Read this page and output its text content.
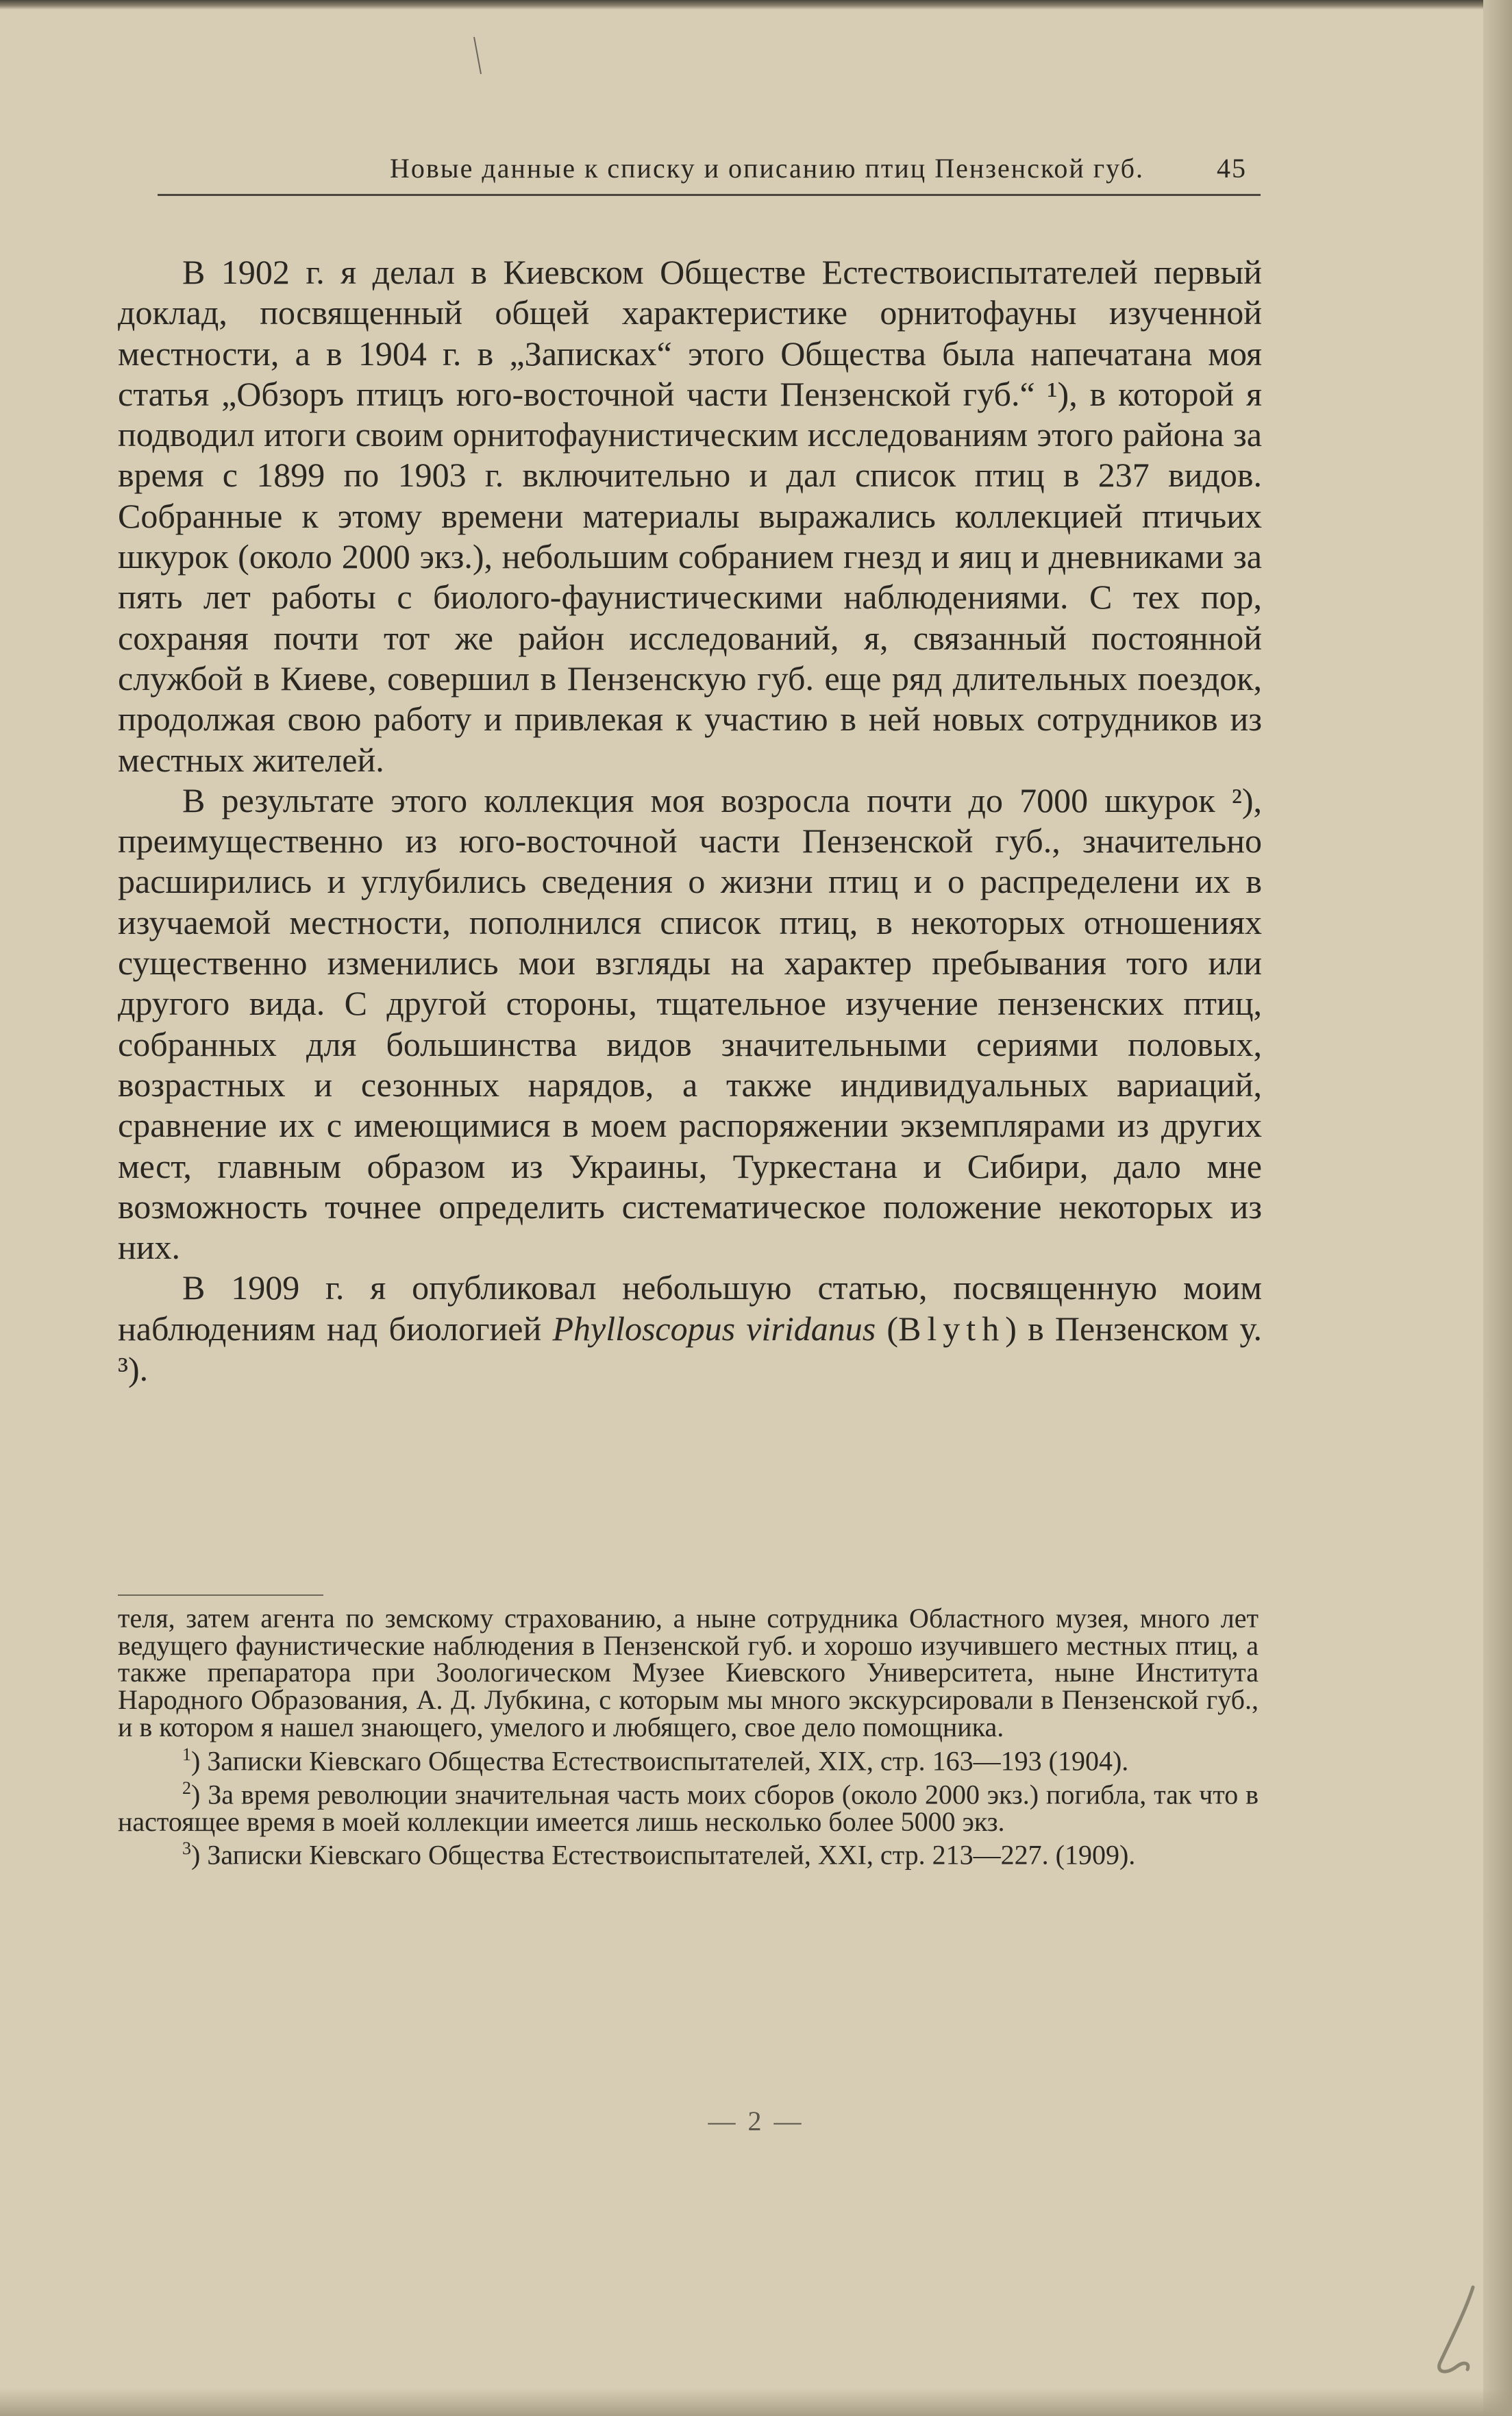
Новые данные к списку и описанию птиц Пензенской губ.	45

В 1902 г. я делал в Киевском Обществе Естествоиспытателей первый доклад, посвященный общей характеристике орнитофауны изученной местности, а в 1904 г. в „Записках“ этого Общества была напечатана моя статья „Обзоръ птицъ юго-восточной части Пензенской губ.“ ¹), в которой я подводил итоги своим орнитофаунистическим исследованиям этого района за время с 1899 по 1903 г. включительно и дал список птиц в 237 видов. Собранные к этому времени материалы выражались коллекцией птичьих шкурок (около 2000 экз.), небольшим собранием гнезд и яиц и дневниками за пять лет работы с биолого-фаунистическими наблюдениями. С тех пор, сохраняя почти тот же район исследований, я, связанный постоянной службой в Киеве, совершил в Пензенскую губ. еще ряд длительных поездок, продолжая свою работу и привлекая к участию в ней новых сотрудников из местных жителей.

В результате этого коллекция моя возросла почти до 7000 шкурок ²), преимущественно из юго-восточной части Пензенской губ., значительно расширились и углубились сведения о жизни птиц и о распределени их в изучаемой местности, пополнился список птиц, в некоторых отношениях существенно изменились мои взгляды на характер пребывания того или другого вида. С другой стороны, тщательное изучение пензенских птиц, собранных для большинства видов значительными сериями половых, возрастных и сезонных нарядов, а также индивидуальных вариаций, сравнение их с имеющимися в моем распоряжении экземплярами из других мест, главным образом из Украины, Туркестана и Сибири, дало мне возможность точнее определить систематическое положение некоторых из них.

В 1909 г. я опубликовал небольшую статью, посвященную моим наблюдениям над биологией Phylloscopus viridanus (Blyth) в Пензенском у. ³).

теля, затем агента по земскому страхованию, а ныне сотрудника Областного музея, много лет ведущего фаунистические наблюдения в Пензенской губ. и хорошо изучившего местных птиц, а также препаратора при Зоологическом Музее Киевского Университета, ныне Института Народного Образования, А. Д. Лубкина, с которым мы много экскурсировали в Пензенской губ., и в котором я нашел знающего, умелого и любящего, свое дело помощника.

$^1$) Записки Кіевскаго Общества Естествоиспытателей, XIX, стр. 163—193 (1904).

$^2$) За время революции значительная часть моих сборов (около 2000 экз.) погибла, так что в настоящее время в моей коллекции имеется лишь несколько более 5000 экз.

$^3$) Записки Кіевскаго Общества Естествоиспытателей, XXI, стр. 213—227. (1909).

— 2 —
